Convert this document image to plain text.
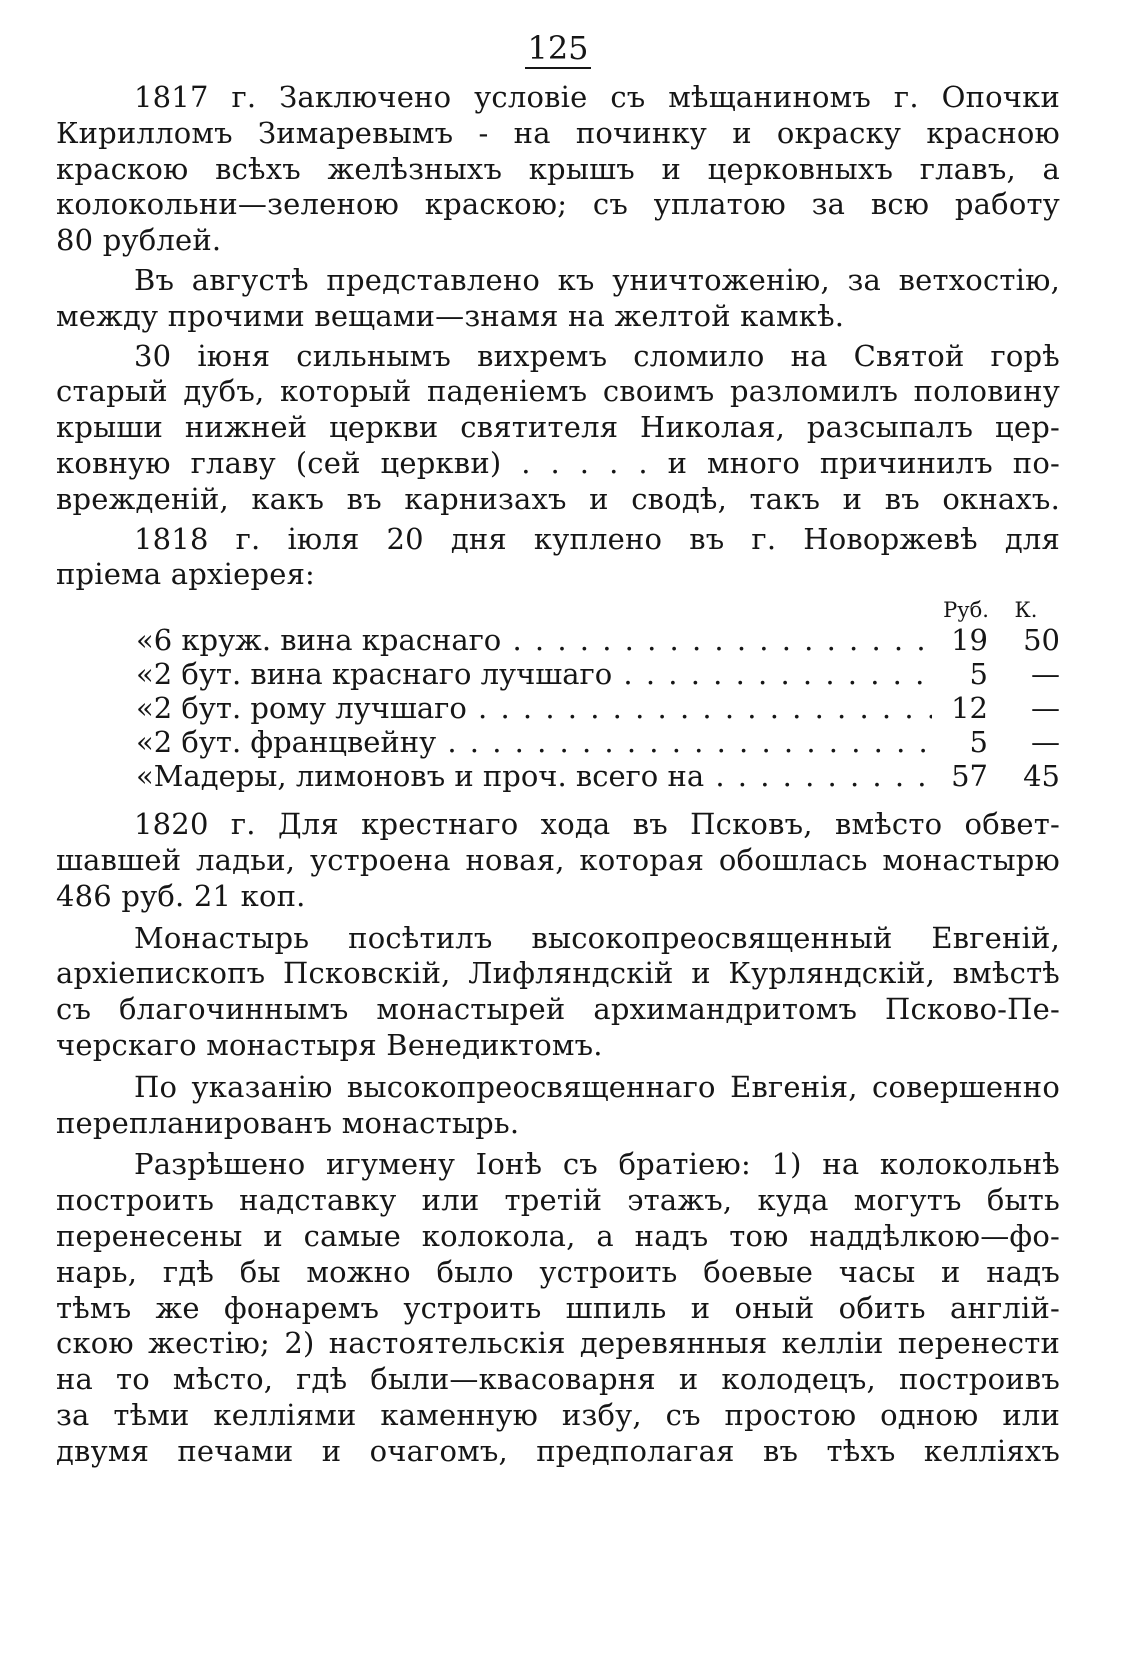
125
1817 г. Заключено условіе съ мѣщаниномъ г. Опочки
Кирилломъ Зимаревымъ - на починку и окраску красною
краскою всѣхъ желѣзныхъ крышъ и церковныхъ главъ, а
колокольни—зеленою краскою; съ уплатою за всю работу
80 рублей.
Въ августѣ представлено къ уничтоженію, за ветхостію,
между прочими вещами—знамя на желтой камкѣ.
30 іюня сильнымъ вихремъ сломило на Святой горѣ
старый дубъ, который паденіемъ своимъ разломилъ половину
крыши нижней церкви святителя Николая, разсыпалъ цер-
ковную главу (сей церкви) . . . . . и много причинилъ по-
врежденій, какъ въ карнизахъ и сводѣ, такъ и въ окнахъ.
1818 г. іюля 20 дня куплено въ г. Новоржевѣ для
пріема архіерея:
Руб.	К.
«6 круж. вина краснаго . .	19	50
«2 бут. вина краснаго лучшаго . .	5	—
«2 бут. рому лучшаго . .	12	—
«2 бут. францвейну . .	5	—
«Мадеры, лимоновъ и проч. всего на . .	57	45
1820 г. Для крестнаго хода въ Псковъ, вмѣсто обвет-
шавшей ладьи, устроена новая, которая обошлась монастырю
486 руб. 21 коп.
Монастырь посѣтилъ высокопреосвященный Евгеній,
архіепископъ Псковскій, Лифляндскій и Курляндскій, вмѣстѣ
съ благочиннымъ монастырей архимандритомъ Псково-Пе-
черскаго монастыря Венедиктомъ.
По указанію высокопреосвященнаго Евгенія, совершенно
перепланированъ монастырь.
Разрѣшено игумену Іонѣ съ братіею: 1) на колокольнѣ
построить надставку или третій этажъ, куда могутъ быть
перенесены и самые колокола, а надъ тою наддѣлкою—фо-
нарь, гдѣ бы можно было устроить боевые часы и надъ
тѣмъ же фонаремъ устроить шпиль и оный обить англій-
скою жестію; 2) настоятельскія деревянныя келліи перенести
на то мѣсто, гдѣ были—квасоварня и колодецъ, построивъ
за тѣми келліями каменную избу, съ простою одною или
двумя печами и очагомъ, предполагая въ тѣхъ келліяхъ
